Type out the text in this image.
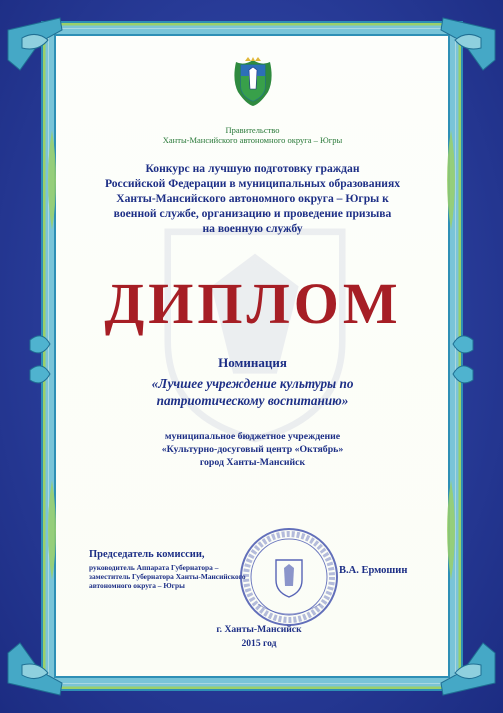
Правительство
Ханты-Мансийского автономного округа – Югры
Конкурс на лучшую подготовку граждан
Российской Федерации в муниципальных образованиях
Ханты-Мансийского автономного округа – Югры к
военной службе, организацию и проведение призыва
на военную службу
ДИПЛОМ
Номинация
«Лучшее учреждение культуры по
патриотическому воспитанию»
муниципальное бюджетное учреждение
«Культурно-досуговый центр «Октябрь»
город Ханты-Мансийск
Председатель комиссии,
руководитель Аппарата Губернатора –
заместитель Губернатора Ханты-Мансийского
автономного округа – Югры
В.А. Ермошин
г. Ханты-Мансийск
2015 год
